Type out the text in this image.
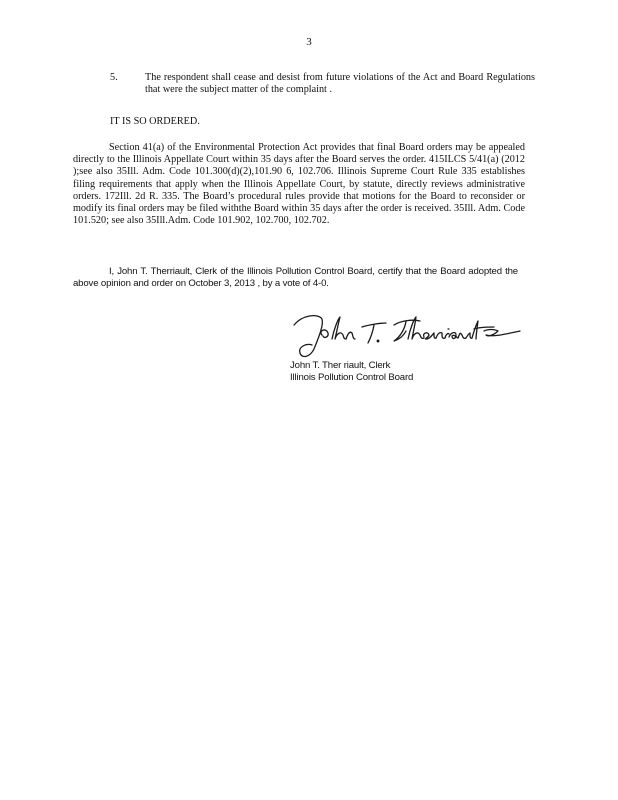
3
5.	The respondent shall cease and desist from future violations of the Act and Board Regulations that were the subject matter of the complaint .
IT IS SO ORDERED.
Section 41(a) of the Environmental Protection Act provides that final Board orders may be appealed directly to the Illinois Appellate Court within 35 days after the Board serves the order. 415ILCS 5/41(a) (2012 );see also 35Ill. Adm. Code 101.300(d)(2),101.90 6, 102.706. Illinois Supreme Court Rule 335 establishes filing requirements that apply when the Illinois Appellate Court, by statute, directly reviews administrative orders. 172Ill. 2d R. 335. The Board’s procedural rules provide that motions for the Board to reconsider or modify its final orders may be filed withthe Board within 35 days after the order is received. 35Ill. Adm. Code 101.520; see also 35Ill.Adm. Code 101.902, 102.700, 102.702.
I, John T. Therriault, Clerk of the Illinois Pollution Control Board, certify that the Board adopted the above opinion and order on October 3, 2013 , by a vote of 4-0.
John T. Ther riault, Clerk
Illinois Pollution Control Board
